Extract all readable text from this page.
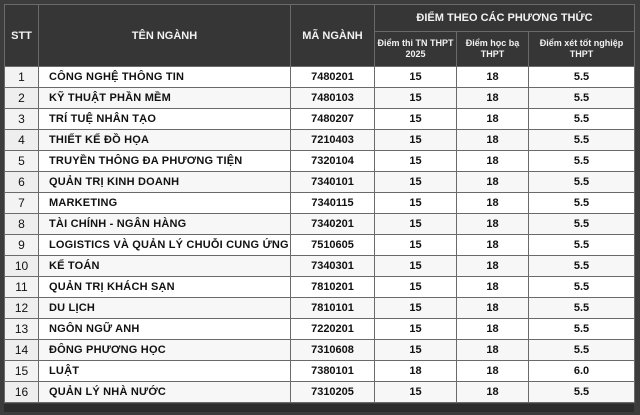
STT	TÊN NGÀNH	MÃ NGÀNH	ĐIỂM THEO CÁC PHƯƠNG THỨC		
			Điểm thi TN THPT 2025	Điểm học bạ THPT	Điểm xét tốt nghiệp THPT
1	CÔNG NGHỆ THÔNG TIN	7480201	15	18	5.5
2	KỸ THUẬT PHẦN MỀM	7480103	15	18	5.5
3	TRÍ TUỆ NHÂN TẠO	7480207	15	18	5.5
4	THIẾT KẾ ĐỒ HỌA	7210403	15	18	5.5
5	TRUYỀN THÔNG ĐA PHƯƠNG TIỆN	7320104	15	18	5.5
6	QUẢN TRỊ KINH DOANH	7340101	15	18	5.5
7	MARKETING	7340115	15	18	5.5
8	TÀI CHÍNH - NGÂN HÀNG	7340201	15	18	5.5
9	LOGISTICS VÀ QUẢN LÝ CHUỖI CUNG ỨNG	7510605	15	18	5.5
10	KẾ TOÁN	7340301	15	18	5.5
11	QUẢN TRỊ KHÁCH SẠN	7810201	15	18	5.5
12	DU LỊCH	7810101	15	18	5.5
13	NGÔN NGỮ ANH	7220201	15	18	5.5
14	ĐÔNG PHƯƠNG HỌC	7310608	15	18	5.5
15	LUẬT	7380101	18	18	6.0
16	QUẢN LÝ NHÀ NƯỚC	7310205	15	18	5.5
